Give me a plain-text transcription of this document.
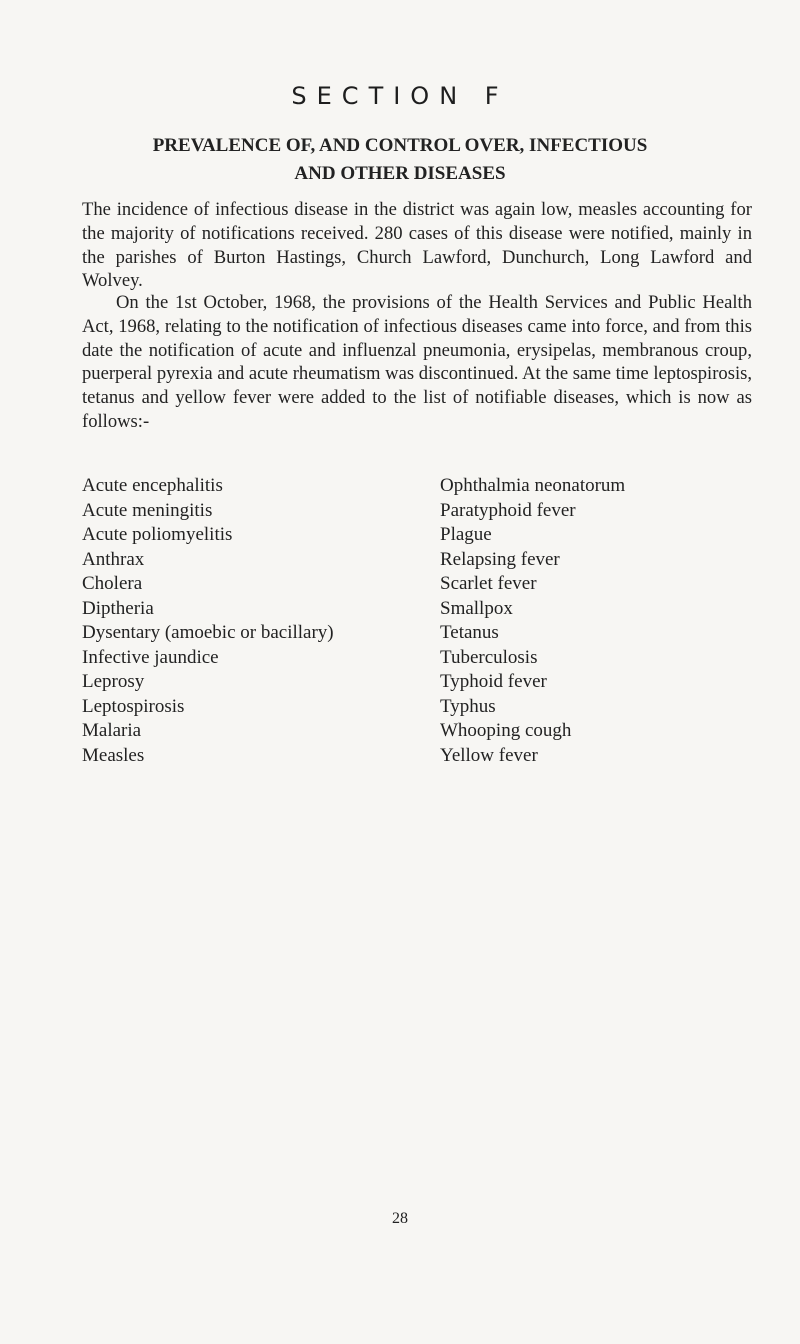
SECTION F
PREVALENCE OF, AND CONTROL OVER, INFECTIOUS
AND OTHER DISEASES

The incidence of infectious disease in the district was again low, measles accounting for the majority of notifications received. 280 cases of this disease were notified, mainly in the parishes of Burton Hastings, Church Lawford, Dunchurch, Long Lawford and Wolvey.

On the 1st October, 1968, the provisions of the Health Services and Public Health Act, 1968, relating to the notification of infectious diseases came into force, and from this date the notification of acute and influenzal pneumonia, erysipelas, membranous croup, puerperal pyrexia and acute rheumatism was discontinued. At the same time leptospirosis, tetanus and yellow fever were added to the list of notifiable diseases, which is now as follows:-

Acute encephalitis
Acute meningitis
Acute poliomyelitis
Anthrax
Cholera
Diptheria
Dysentary (amoebic or bacillary)
Infective jaundice
Leprosy
Leptospirosis
Malaria
Measles
Ophthalmia neonatorum
Paratyphoid fever
Plague
Relapsing fever
Scarlet fever
Smallpox
Tetanus
Tuberculosis
Typhoid fever
Typhus
Whooping cough
Yellow fever
28
